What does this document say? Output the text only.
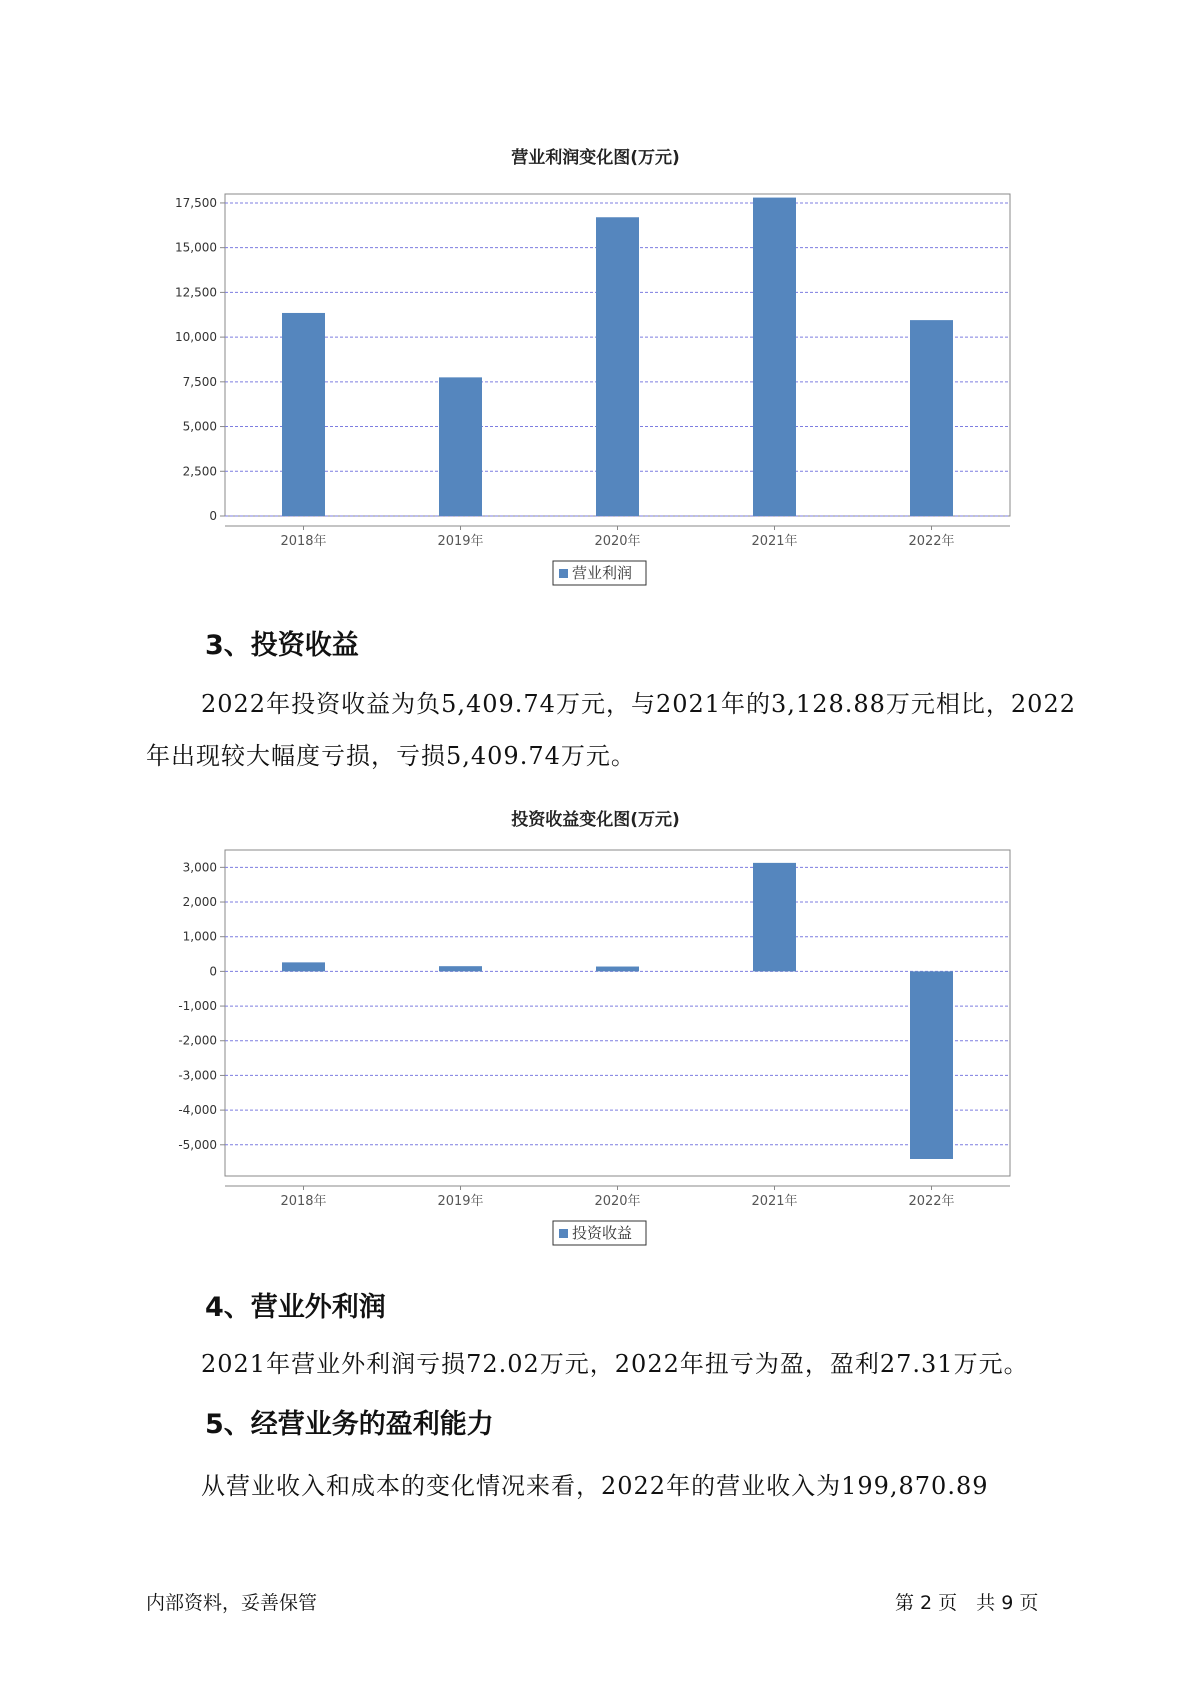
营业利润变化图(万元)
0
2,500
5,000
7,500
10,000
12,500
15,000
17,500
2018年	2019年	2020年	2021年	2022年
营业利润
3、投资收益
2022年投资收益为负5,409.74万元，与2021年的3,128.88万元相比，2022
年出现较大幅度亏损，亏损5,409.74万元。
投资收益变化图(万元)
-5,000
-4,000
-3,000
-2,000
-1,000
0
1,000
2,000
3,000
2018年	2019年	2020年	2021年	2022年
投资收益
4、营业外利润
2021年营业外利润亏损72.02万元，2022年扭亏为盈，盈利27.31万元。
5、经营业务的盈利能力
从营业收入和成本的变化情况来看，2022年的营业收入为199,870.89
内部资料，妥善保管	第 2 页　共 9 页
